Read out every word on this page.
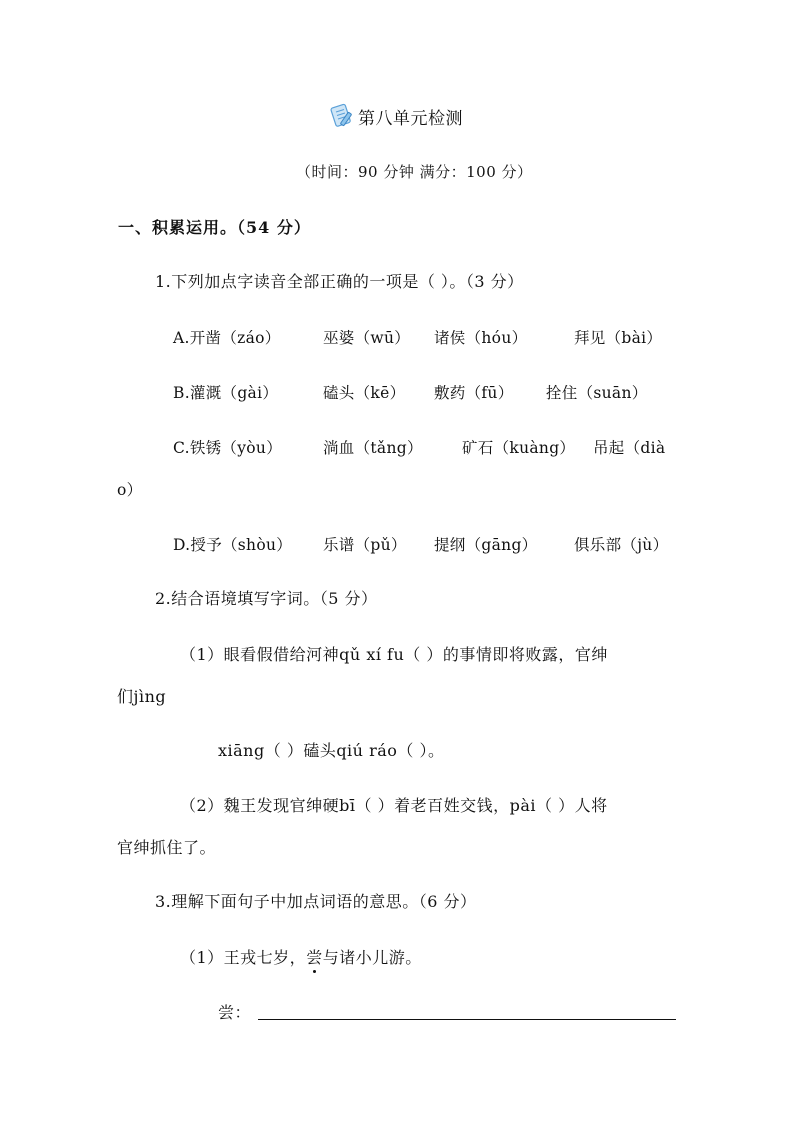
第八单元检测
（时间：90 分钟 满分：100 分）
一、积累运用。（54 分）
1.下列加点字读音全部正确的一项是（ ）。（3 分）
A.开凿（záo）	巫婆（wū） 诸侯（hóu）	拜见（bài）
B.灌溉（gài）	磕头（kē） 敷药（fū） 拴住（suān）
C.铁锈（yòu）	淌血（tǎng）	矿石（kuàng） 吊起（dià
o）
D.授予（shòu） 乐谱（pǔ） 提纲（gāng） 俱乐部（jù）
2.结合语境填写字词。（5 分）
（1）眼看假借给河神qǔ xí fu（ ）的事情即将败露，官绅
们jìng
xiāng（ ）磕头qiú ráo（ ）。
（2）魏王发现官绅硬bī（ ）着老百姓交钱，pài（ ）人将
官绅抓住了。
3.理解下面句子中加点词语的意思。（6 分）
（1）王戎七岁，尝与诸小儿游。
尝：
